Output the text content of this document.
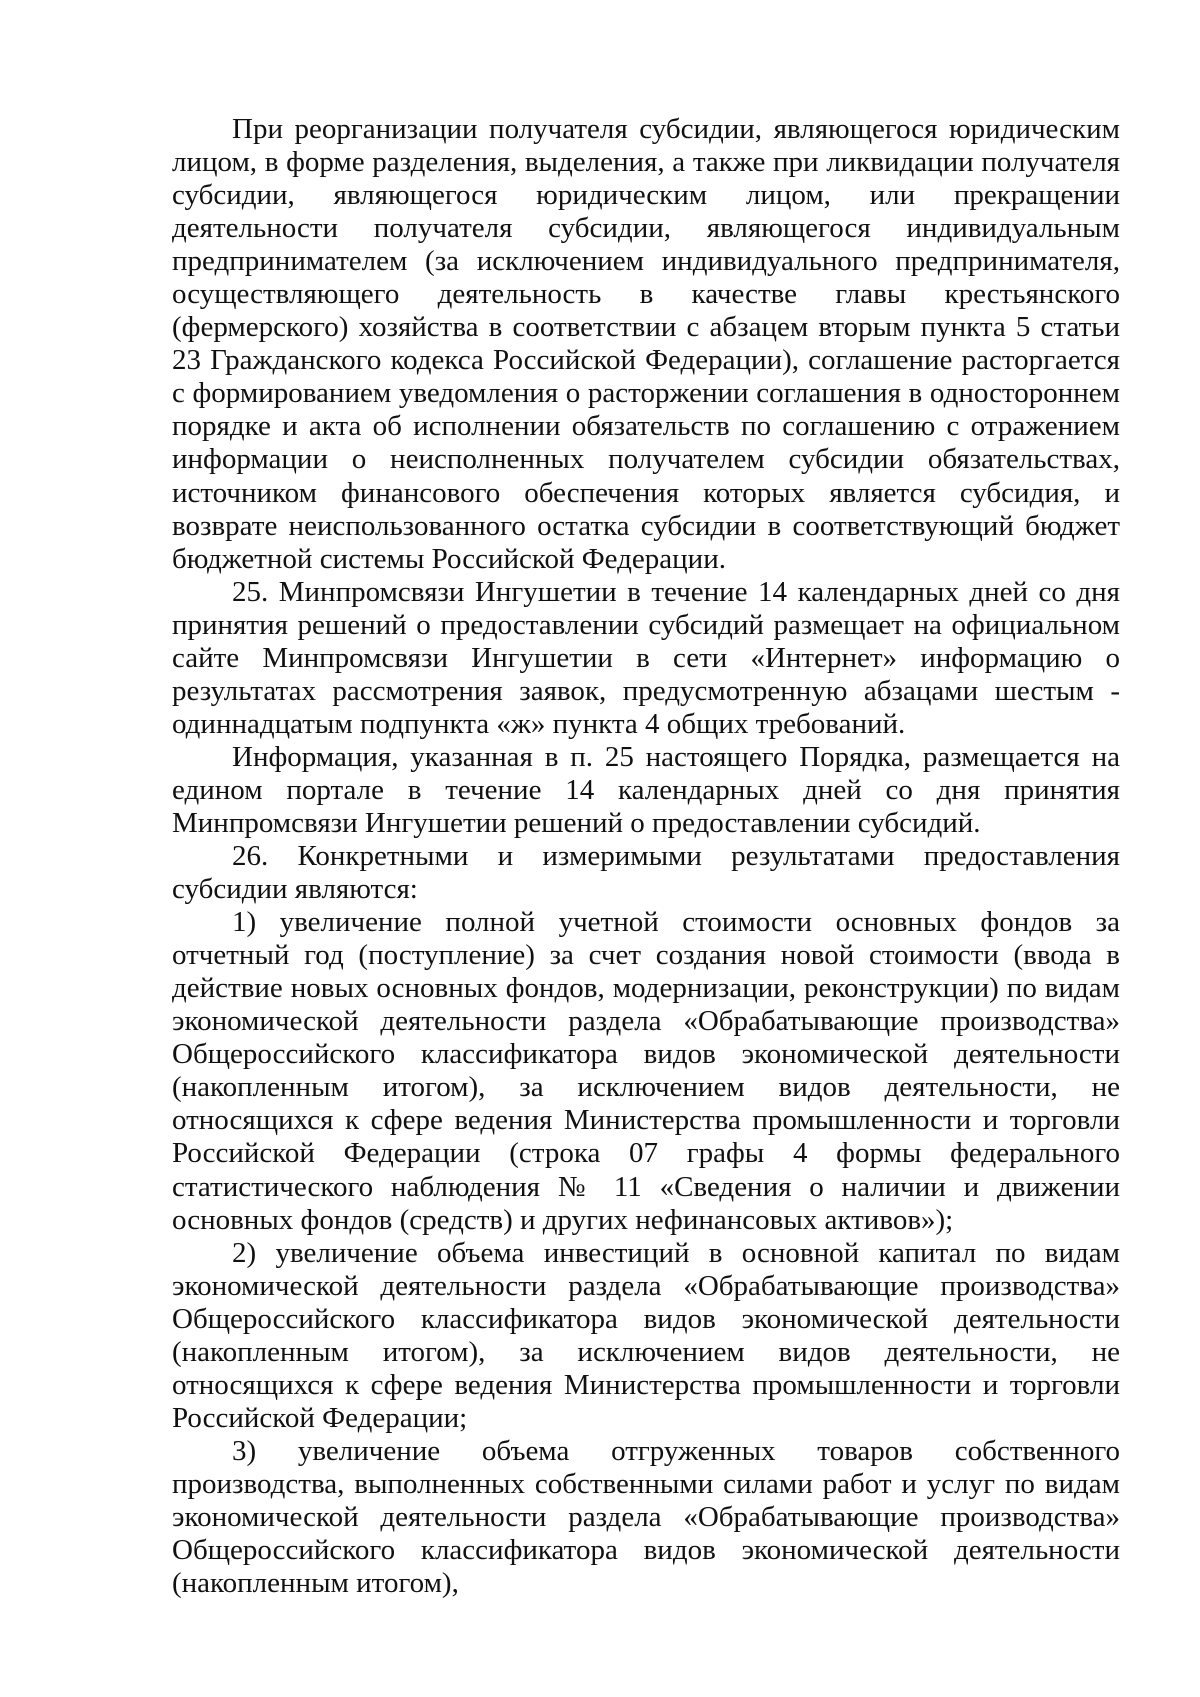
При реорганизации получателя субсидии, являющегося юридическим лицом, в форме разделения, выделения, а также при ликвидации получателя субсидии, являющегося юридическим лицом, или прекращении деятельности получателя субсидии, являющегося индивидуальным предпринимателем (за исключением индивидуального предпринимателя, осуществляющего деятельность в качестве главы крестьянского (фермерского) хозяйства в соответствии с абзацем вторым пункта 5 статьи 23 Гражданского кодекса Российской Федерации), соглашение расторгается с формированием уведомления о расторжении соглашения в одностороннем порядке и акта об исполнении обязательств по соглашению с отражением информации о неисполненных получателем субсидии обязательствах, источником финансового обеспечения которых является субсидия, и возврате неиспользованного остатка субсидии в соответствующий бюджет бюджетной системы Российской Федерации.

25. Минпромсвязи Ингушетии в течение 14 календарных дней со дня принятия решений о предоставлении субсидий размещает на официальном сайте Минпромсвязи Ингушетии в сети «Интернет» информацию о результатах рассмотрения заявок, предусмотренную абзацами шестым - одиннадцатым подпункта «ж» пункта 4 общих требований.

Информация, указанная в п. 25 настоящего Порядка, размещается на едином портале в течение 14 календарных дней со дня принятия Минпромсвязи Ингушетии решений о предоставлении субсидий.

26. Конкретными и измеримыми результатами предоставления субсидии являются:

1) увеличение полной учетной стоимости основных фондов за отчетный год (поступление) за счет создания новой стоимости (ввода в действие новых основных фондов, модернизации, реконструкции) по видам экономической деятельности раздела «Обрабатывающие производства» Общероссийского классификатора видов экономической деятельности (накопленным итогом), за исключением видов деятельности, не относящихся к сфере ведения Министерства промышленности и торговли Российской Федерации (строка 07 графы 4 формы федерального статистического наблюдения № 11 «Сведения о наличии и движении основных фондов (средств) и других нефинансовых активов»);

2) увеличение объема инвестиций в основной капитал по видам экономической деятельности раздела «Обрабатывающие производства» Общероссийского классификатора видов экономической деятельности (накопленным итогом), за исключением видов деятельности, не относящихся к сфере ведения Министерства промышленности и торговли Российской Федерации;

3) увеличение объема отгруженных товаров собственного производства, выполненных собственными силами работ и услуг по видам экономической деятельности раздела «Обрабатывающие производства» Общероссийского классификатора видов экономической деятельности (накопленным итогом),
